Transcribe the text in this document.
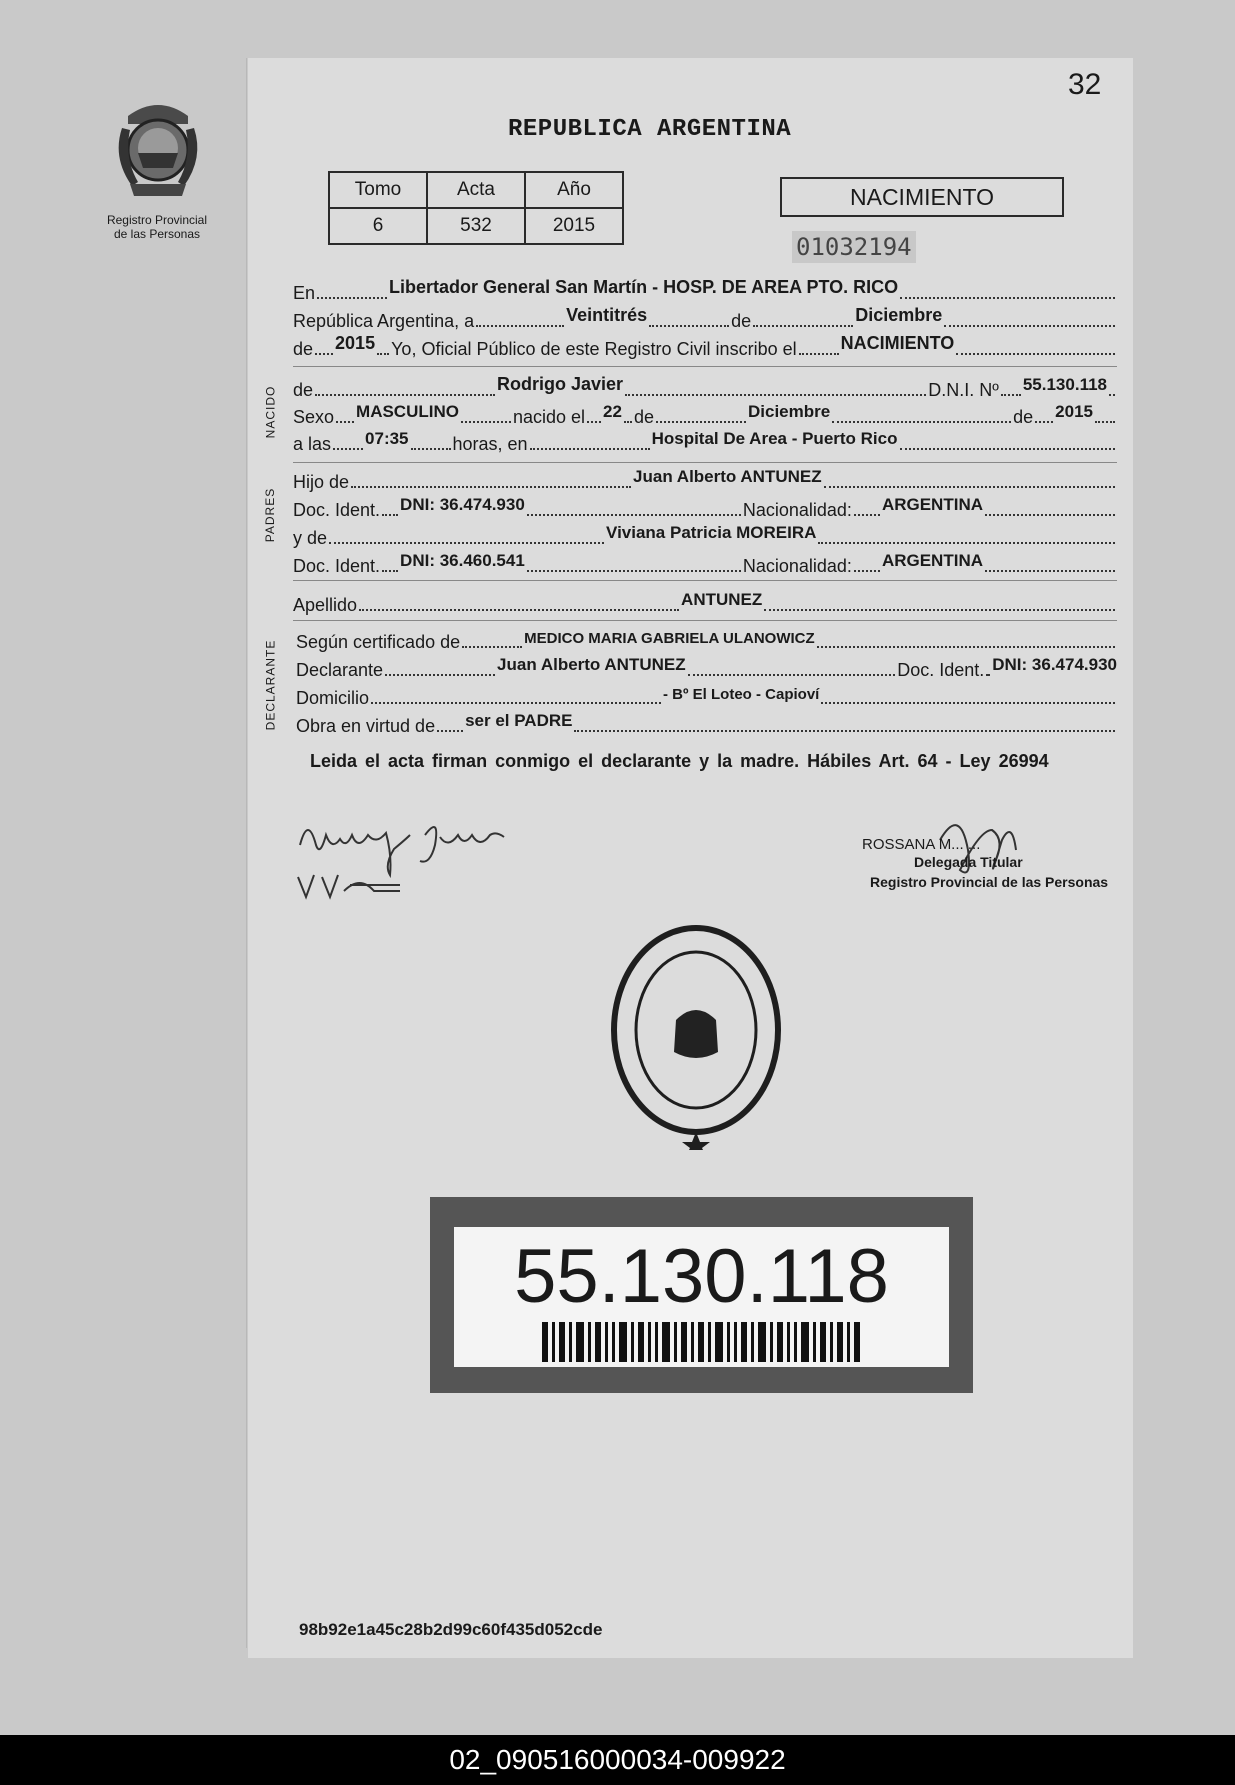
Registro Provincial
de las Personas
32
REPUBLICA ARGENTINA
Tomo	Acta	Año
6	532	2015
NACIMIENTO
01032194
En	Libertador General San Martín - HOSP. DE AREA PTO. RICO
República Argentina, a	Veintitrés	de	Diciembre
de 2015 Yo, Oficial Público de este Registro Civil inscribo el NACIMIENTO
NACIDO de	Rodrigo Javier	D.N.I. Nº 55.130.118
Sexo MASCULINO	nacido el 22 de	Diciembre	de 2015
a las 07:35 horas, en	Hospital De Area - Puerto Rico
PADRES
Hijo de	Juan Alberto ANTUNEZ
Doc. Ident. DNI: 36.474.930	Nacionalidad: ARGENTINA
y de	Viviana Patricia MOREIRA
Doc. Ident. DNI: 36.460.541	Nacionalidad: ARGENTINA
Apellido	ANTUNEZ
DECLARANTE Según certificado de	MEDICO MARIA GABRIELA ULANOWICZ
Declarante	Juan Alberto ANTUNEZ	Doc. Ident. DNI: 36.474.930
Domicilio	- Bº El Loteo - Capioví
Obra en virtud de ser el PADRE
Leida el acta firman conmigo el declarante y la madre. Hábiles Art. 64 - Ley 26994
ROSSANA M... ...
Delegada Titular
Registro Provincial de las Personas
55.130.118
98b92e1a45c28b2d99c60f435d052cde
02_090516000034-009922
